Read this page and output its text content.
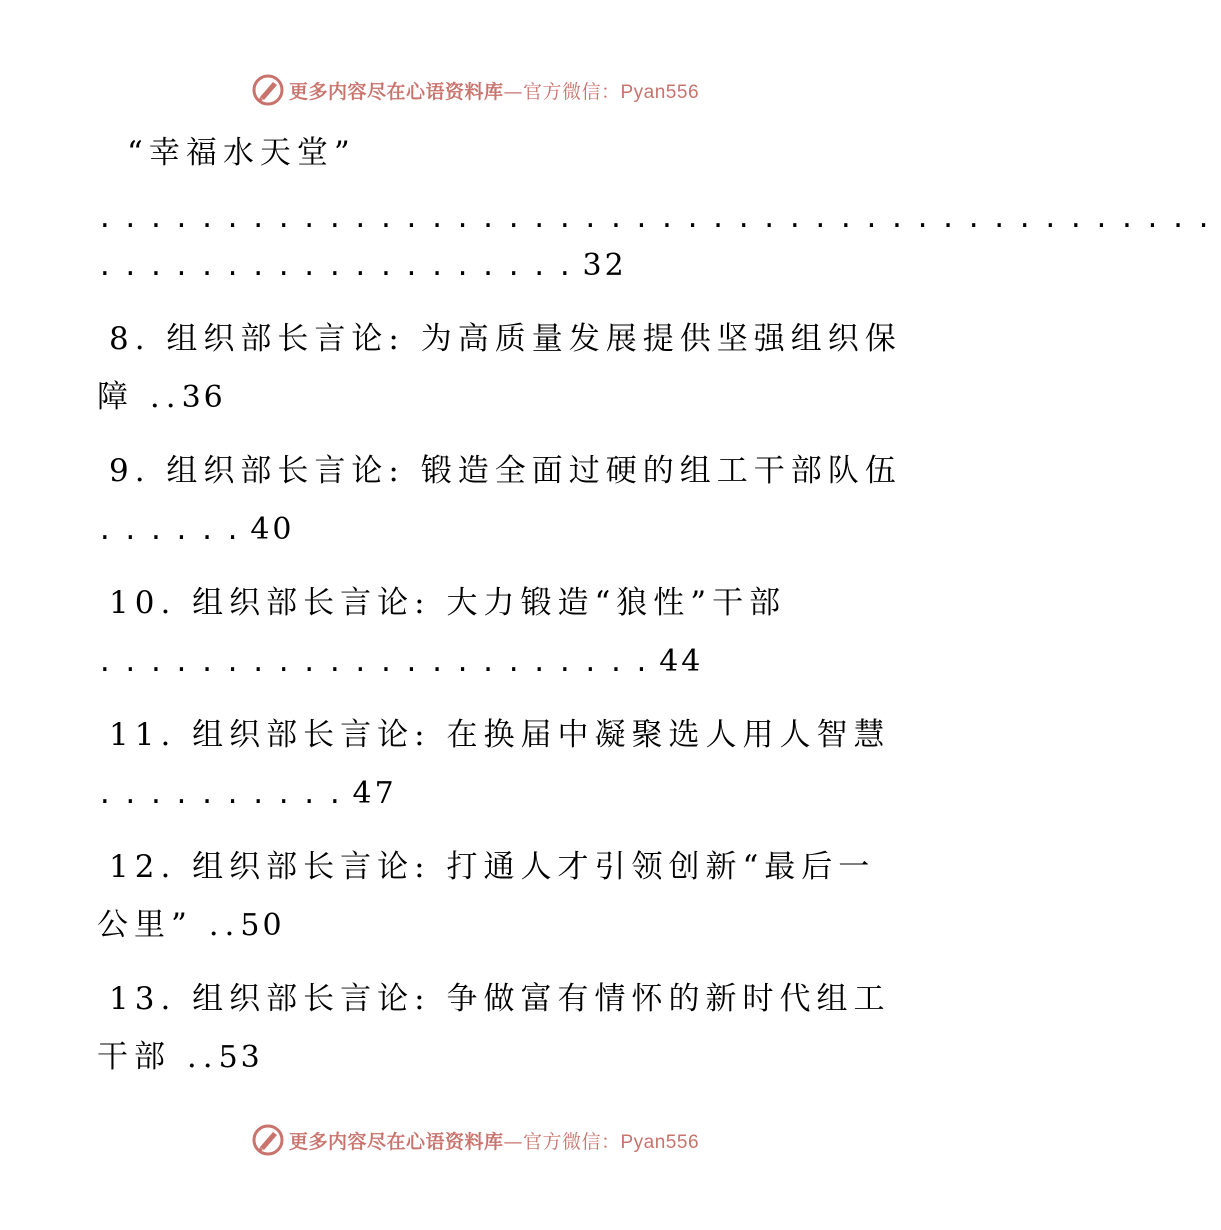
更多内容尽在心语资料库—官方微信：Pyan556
“幸福水天堂”
............................................
...................32
8. 组织部长言论: 为高质量发展提供坚强组织保
障 ..36
9. 组织部长言论: 锻造全面过硬的组工干部队伍
......40
10. 组织部长言论: 大力锻造“狼性”干部
......................44
11. 组织部长言论: 在换届中凝聚选人用人智慧
..........47
12. 组织部长言论: 打通人才引领创新“最后一
公里” ..50
13. 组织部长言论: 争做富有情怀的新时代组工
干部 ..53
更多内容尽在心语资料库—官方微信：Pyan556
